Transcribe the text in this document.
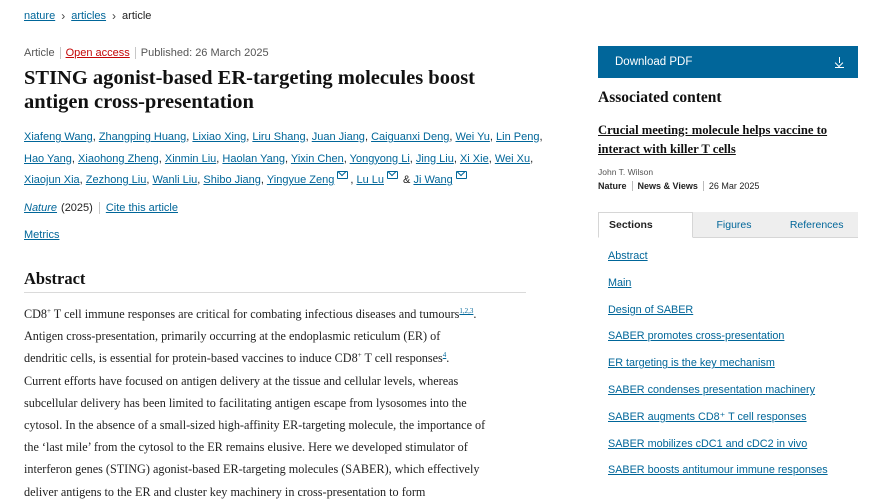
nature › articles › article
Article Open access Published: 26 March 2025
STING agonist-based ER-targeting molecules boost antigen cross-presentation
Xiafeng Wang, Zhangping Huang, Lixiao Xing, Liru Shang, Juan Jiang, Caiguanxi Deng, Wei Yu, Lin Peng,
Hao Yang, Xiaohong Zheng, Xinmin Liu, Haolan Yang, Yixin Chen, Yongyong Li, Jing Liu, Xi Xie, Wei Xu,
Xiaojun Xia, Zezhong Liu, Wanli Liu, Shibo Jiang, Yingyue Zeng , Lu Lu & Ji Wang
Nature (2025) Cite this article
Metrics
Abstract
CD8+ T cell immune responses are critical for combating infectious diseases and tumours$^{1,2,3}$.
Antigen cross-presentation, primarily occurring at the endoplasmic reticulum (ER) of
dendritic cells, is essential for protein-based vaccines to induce CD8+ T cell responses$^4$.
Current efforts have focused on antigen delivery at the tissue and cellular levels, whereas
subcellular delivery has been limited to facilitating antigen escape from lysosomes into the
cytosol. In the absence of a small-sized high-affinity ER-targeting molecule, the importance of
the ‘last mile’ from the cytosol to the ER remains elusive. Here we developed stimulator of
interferon genes (STING) agonist-based ER-targeting molecules (SABER), which effectively
deliver antigens to the ER and cluster key machinery in cross-presentation to form
Download PDF
Associated content
Crucial meeting: molecule helps vaccine to interact with killer T cells
John T. Wilson
Nature News & Views 26 Mar 2025
Sections	Figures	References
Abstract
Main
Design of SABER
SABER promotes cross-presentation
ER targeting is the key mechanism
SABER condenses presentation machinery
SABER augments CD8⁺ T cell responses
SABER mobilizes cDC1 and cDC2 in vivo
SABER boosts antitumour immune responses
